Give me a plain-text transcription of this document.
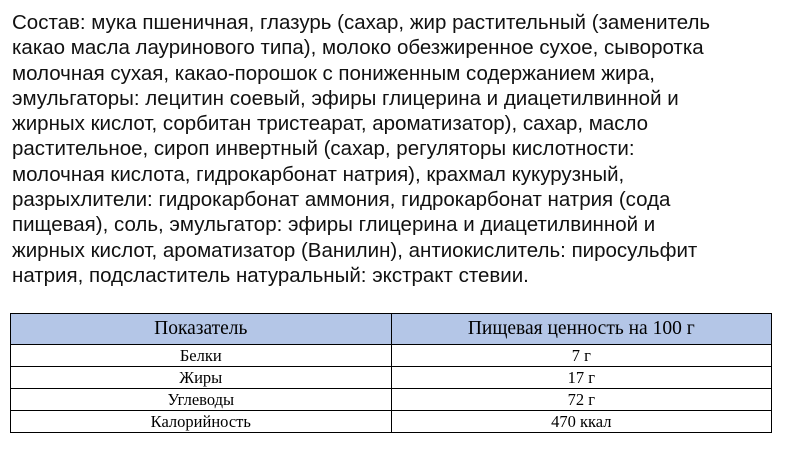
Состав: мука пшеничная, глазурь (сахар, жир растительный (заменитель
какао масла лауринового типа), молоко обезжиренное сухое, сыворотка
молочная сухая, какао-порошок с пониженным содержанием жира,
эмульгаторы: лецитин соевый, эфиры глицерина и диацетилвинной и
жирных кислот, сорбитан тристеарат, ароматизатор), сахар, масло
растительное, сироп инвертный (сахар, регуляторы кислотности:
молочная кислота, гидрокарбонат натрия), крахмал кукурузный,
разрыхлители: гидрокарбонат аммония, гидрокарбонат натрия (сода
пищевая), соль, эмульгатор: эфиры глицерина и диацетилвинной и
жирных кислот, ароматизатор (Ванилин), антиокислитель: пиросульфит
натрия, подсластитель натуральный: экстракт стевии.
Показатель	Пищевая ценность на 100 г
Белки	7 г
Жиры	17 г
Углеводы	72 г
Калорийность	470 ккал
